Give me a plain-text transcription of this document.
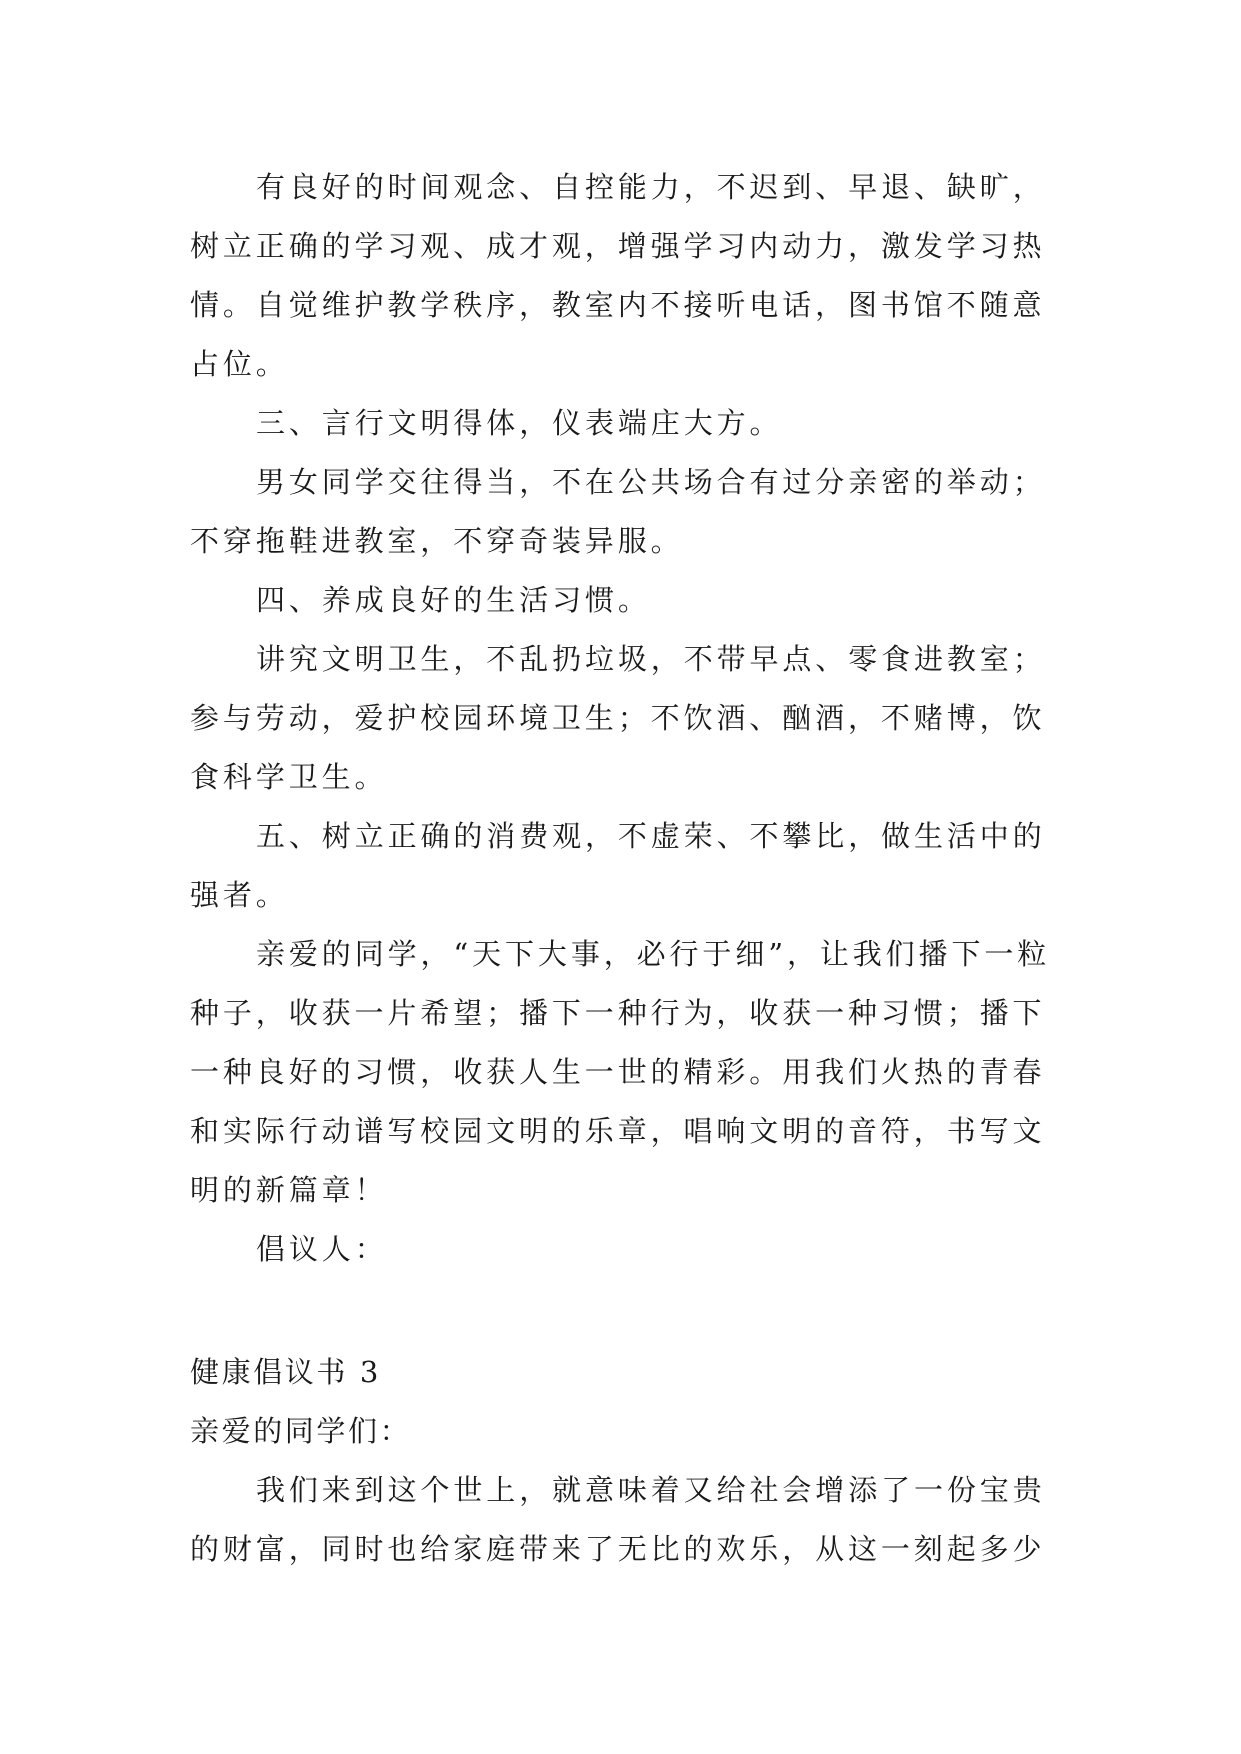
有良好的时间观念、自控能力，不迟到、早退、缺旷，树立正确的学习观、成才观，增强学习内动力，激发学习热情。自觉维护教学秩序，教室内不接听电话，图书馆不随意占位。

三、言行文明得体，仪表端庄大方。

男女同学交往得当，不在公共场合有过分亲密的举动；不穿拖鞋进教室，不穿奇装异服。

四、养成良好的生活习惯。

讲究文明卫生，不乱扔垃圾，不带早点、零食进教室；参与劳动，爱护校园环境卫生；不饮酒、酗酒，不赌博，饮食科学卫生。

五、树立正确的消费观，不虚荣、不攀比，做生活中的强者。

亲爱的同学，“天下大事，必行于细”，让我们播下一粒种子，收获一片希望；播下一种行为，收获一种习惯；播下一种良好的习惯，收获人生一世的精彩。用我们火热的青春和实际行动谱写校园文明的乐章，唱响文明的音符，书写文明的新篇章！

倡议人：

健康倡议书 3

亲爱的同学们：

我们来到这个世上，就意味着又给社会增添了一份宝贵的财富，同时也给家庭带来了无比的欢乐，从这一刻起多少
